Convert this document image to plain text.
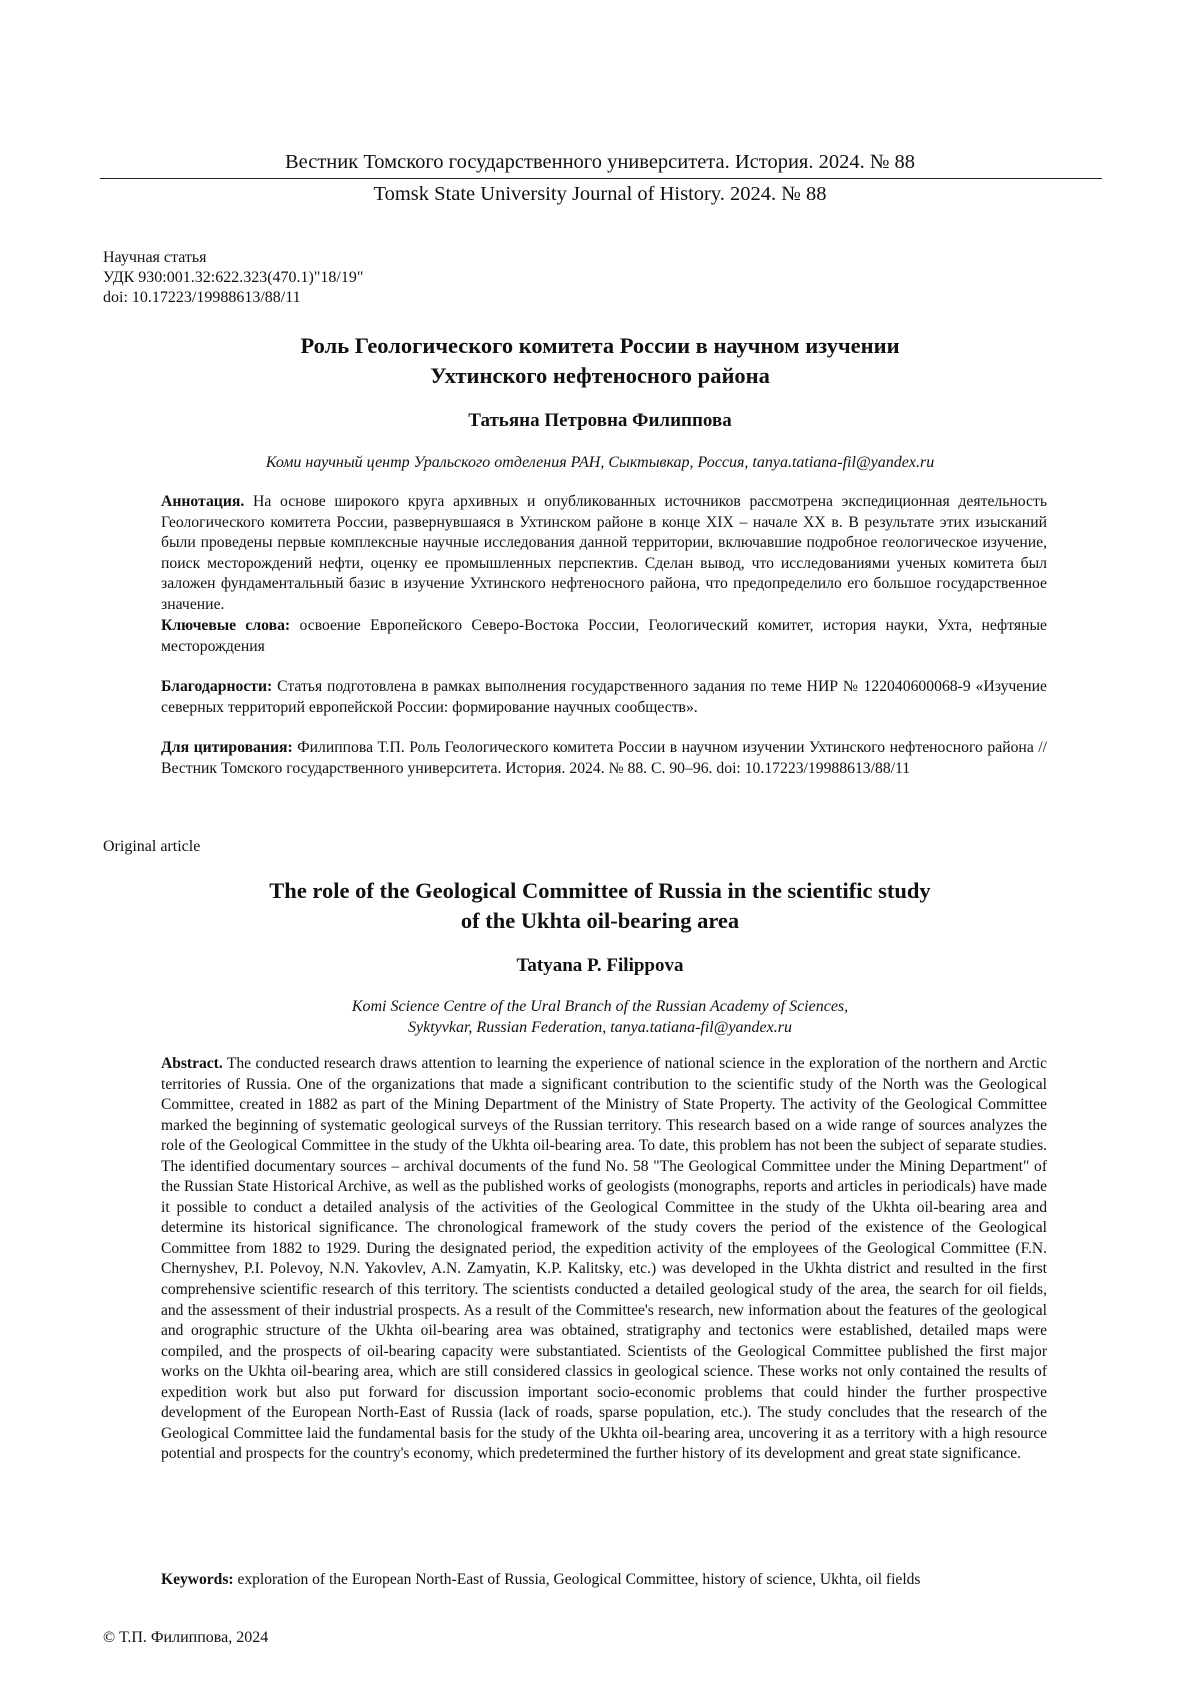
Вестник Томского государственного университета. История. 2024. № 88
Tomsk State University Journal of History. 2024. № 88
Научная статья
УДК 930:001.32:622.323(470.1)"18/19"
doi: 10.17223/19988613/88/11
Роль Геологического комитета России в научном изучении
Ухтинского нефтеносного района
Татьяна Петровна Филиппова
Коми научный центр Уральского отделения РАН, Сыктывкар, Россия, tanya.tatiana-fil@yandex.ru
Аннотация. На основе широкого круга архивных и опубликованных источников рассмотрена экспедиционная деятельность Геологического комитета России, развернувшаяся в Ухтинском районе в конце XIX – начале XX в. В результате этих изысканий были проведены первые комплексные научные исследования данной территории, включавшие подробное геологическое изучение, поиск месторождений нефти, оценку ее промышленных перспектив. Сделан вывод, что исследованиями ученых комитета был заложен фундаментальный базис в изучение Ухтинского нефтеносного района, что предопределило его большое государственное значение.
Ключевые слова: освоение Европейского Северо-Востока России, Геологический комитет, история науки, Ухта, нефтяные месторождения
Благодарности: Статья подготовлена в рамках выполнения государственного задания по теме НИР № 122040600068-9 «Изучение северных территорий европейской России: формирование научных сообществ».
Для цитирования: Филиппова Т.П. Роль Геологического комитета России в научном изучении Ухтинского нефтеносного района // Вестник Томского государственного университета. История. 2024. № 88. С. 90–96. doi: 10.17223/19988613/88/11
Original article
The role of the Geological Committee of Russia in the scientific study
of the Ukhta oil-bearing area
Tatyana P. Filippova
Komi Science Centre of the Ural Branch of the Russian Academy of Sciences,
Syktyvkar, Russian Federation, tanya.tatiana-fil@yandex.ru
Abstract. The conducted research draws attention to learning the experience of national science in the exploration of the northern and Arctic territories of Russia. One of the organizations that made a significant contribution to the scientific study of the North was the Geological Committee, created in 1882 as part of the Mining Department of the Ministry of State Property. The activity of the Geological Committee marked the beginning of systematic geological surveys of the Russian territory. This research based on a wide range of sources analyzes the role of the Geological Committee in the study of the Ukhta oil-bearing area. To date, this problem has not been the subject of separate studies. The identified documentary sources – archival documents of the fund No. 58 "The Geological Committee under the Mining Department" of the Russian State Historical Archive, as well as the published works of geologists (monographs, reports and articles in periodicals) have made it possible to conduct a detailed analysis of the activities of the Geological Committee in the study of the Ukhta oil-bearing area and determine its historical significance. The chronological framework of the study covers the period of the existence of the Geological Committee from 1882 to 1929. During the designated period, the expedition activity of the employees of the Geological Committee (F.N. Chernyshev, P.I. Polevoy, N.N. Yakovlev, A.N. Zamyatin, K.P. Kalitsky, etc.) was developed in the Ukhta district and resulted in the first comprehensive scientific research of this territory. The scientists conducted a detailed geological study of the area, the search for oil fields, and the assessment of their industrial prospects. As a result of the Committee's research, new information about the features of the geological and orographic structure of the Ukhta oil-bearing area was obtained, stratigraphy and tectonics were established, detailed maps were compiled, and the prospects of oil-bearing capacity were substantiated. Scientists of the Geological Committee published the first major works on the Ukhta oil-bearing area, which are still considered classics in geological science. These works not only contained the results of expedition work but also put forward for discussion important socio-economic problems that could hinder the further prospective development of the European North-East of Russia (lack of roads, sparse population, etc.). The study concludes that the research of the Geological Committee laid the fundamental basis for the study of the Ukhta oil-bearing area, uncovering it as a territory with a high resource potential and prospects for the country's economy, which predetermined the further history of its development and great state significance.
Keywords: exploration of the European North-East of Russia, Geological Committee, history of science, Ukhta, oil fields
© Т.П. Филиппова, 2024
